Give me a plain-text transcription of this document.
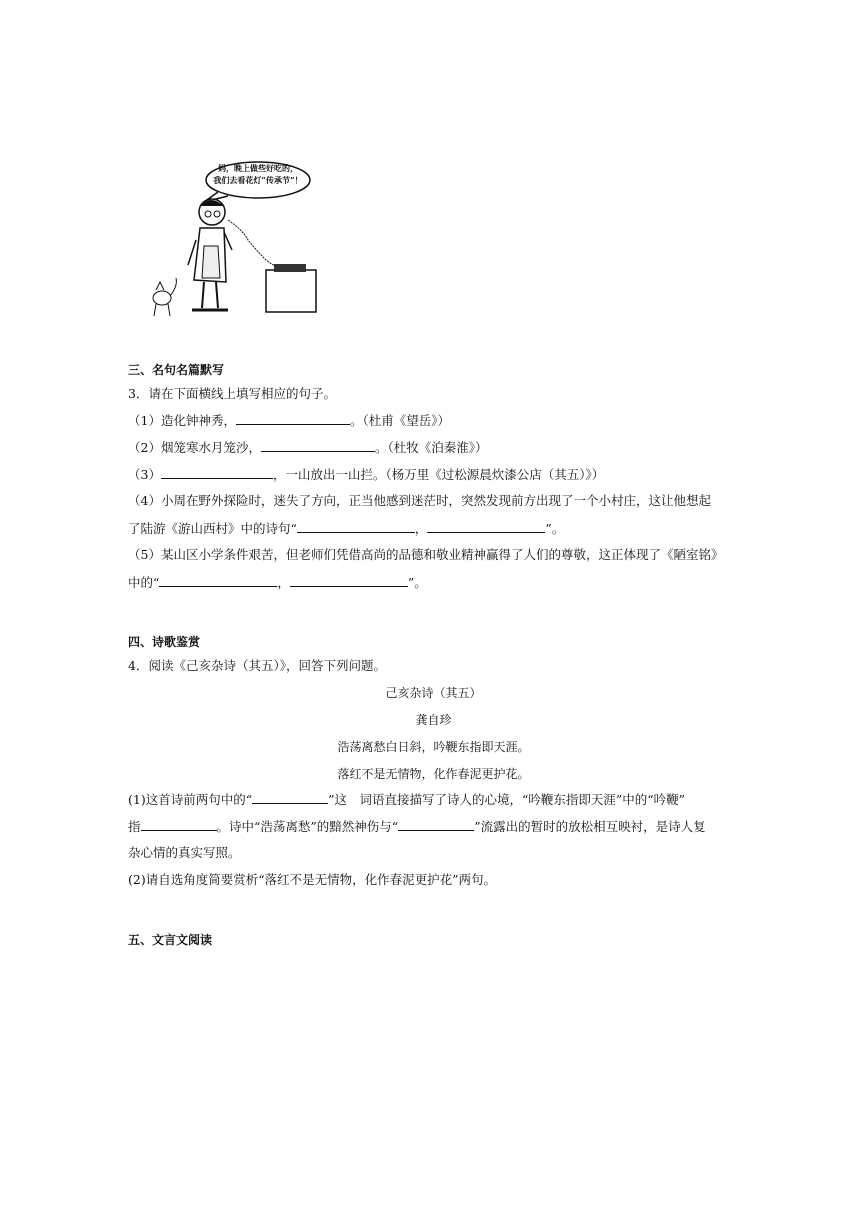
妈，晚上做些好吃的，
我们去看花灯“传承节”！
三、名句名篇默写
3．请在下面横线上填写相应的句子。
（1）造化钟神秀，	。（杜甫《望岳》）
（2）烟笼寒水月笼沙，	。（杜牧《泊秦淮》）
（3）	，一山放出一山拦。（杨万里《过松源晨炊漆公店（其五）》）
（4）小周在野外探险时，迷失了方向，正当他感到迷茫时，突然发现前方出现了一个小村庄，这让他想起
了陆游《游山西村》中的诗句“	，	”。
（5）某山区小学条件艰苦，但老师们凭借高尚的品德和敬业精神赢得了人们的尊敬，这正体现了《陋室铭》
中的“	，	”。
四、诗歌鉴赏
4．阅读《己亥杂诗（其五）》，回答下列问题。
己亥杂诗（其五）
龚自珍
浩荡离愁白日斜，吟鞭东指即天涯。
落红不是无情物，化作春泥更护花。
(1)这首诗前两句中的“	”这　词语直接描写了诗人的心境，“吟鞭东指即天涯”中的“吟鞭”
指	。诗中“浩荡离愁”的黯然神伤与“	”流露出的暂时的放松相互映衬，是诗人复
杂心情的真实写照。
(2)请自选角度简要赏析“落红不是无情物，化作春泥更护花”两句。
五、文言文阅读
